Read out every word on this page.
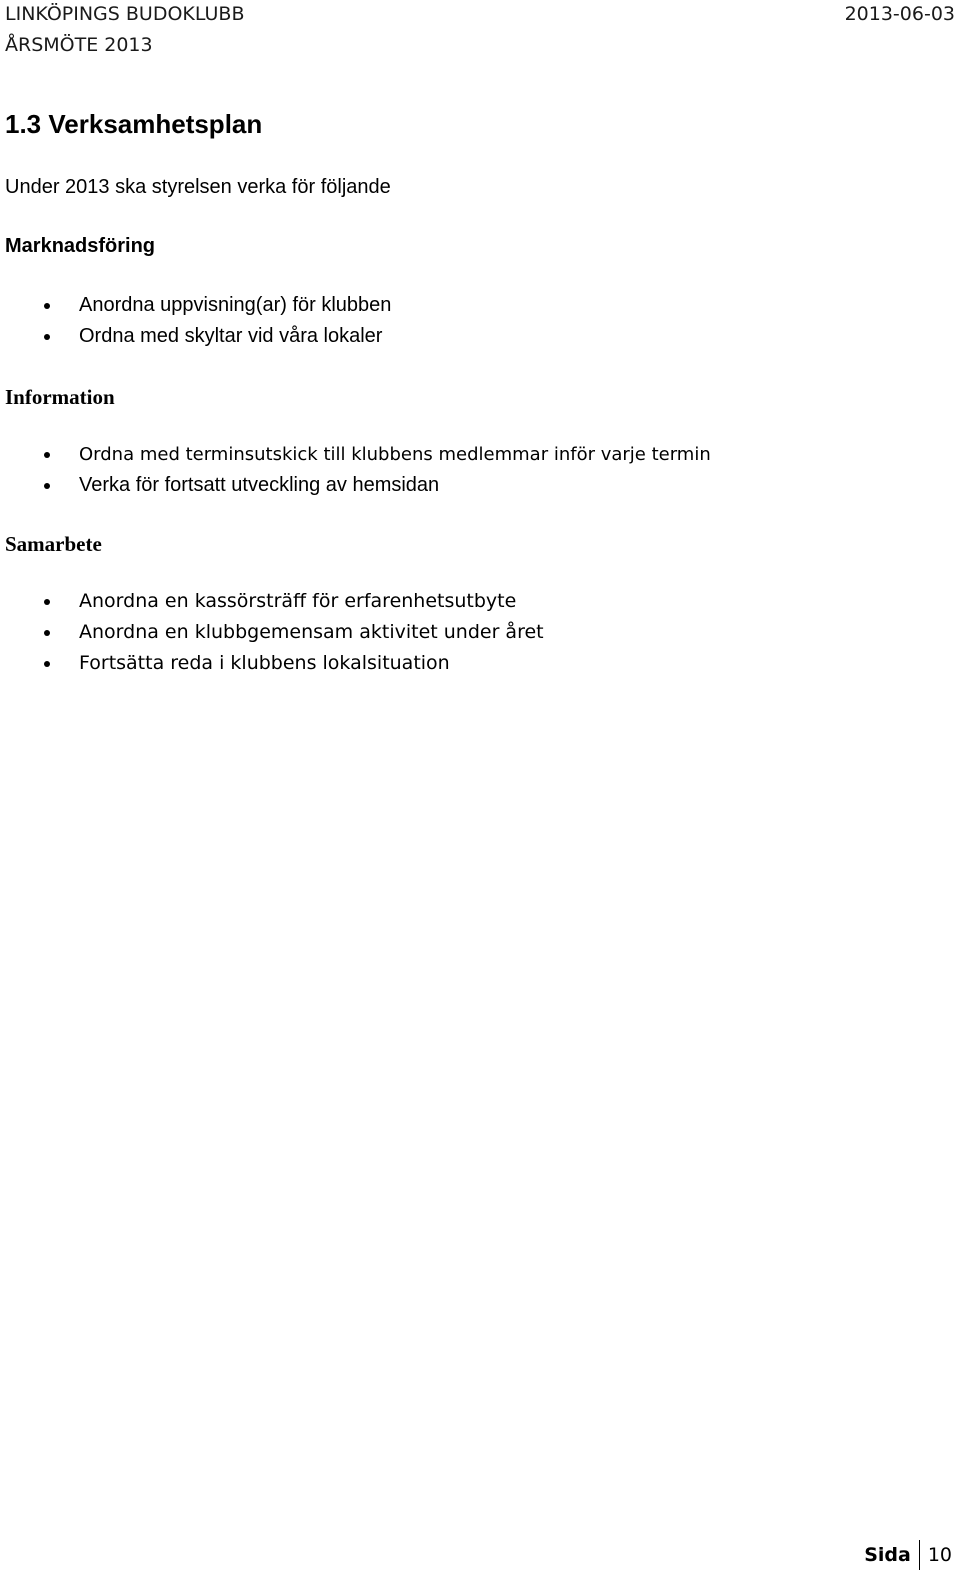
LINKÖPINGS BUDOKLUBB	2013-06-03
ÅRSMÖTE 2013
1.3 Verksamhetsplan
Under 2013 ska styrelsen verka för följande
Marknadsföring
Anordna uppvisning(ar) för klubben
Ordna med skyltar vid våra lokaler
Information
Ordna med terminsutskick till klubbens medlemmar inför varje termin
Verka för fortsatt utveckling av hemsidan
Samarbete
Anordna en kassörsträff för erfarenhetsutbyte
Anordna en klubbgemensam aktivitet under året
Fortsätta reda i klubbens lokalsituation
Sida 10
